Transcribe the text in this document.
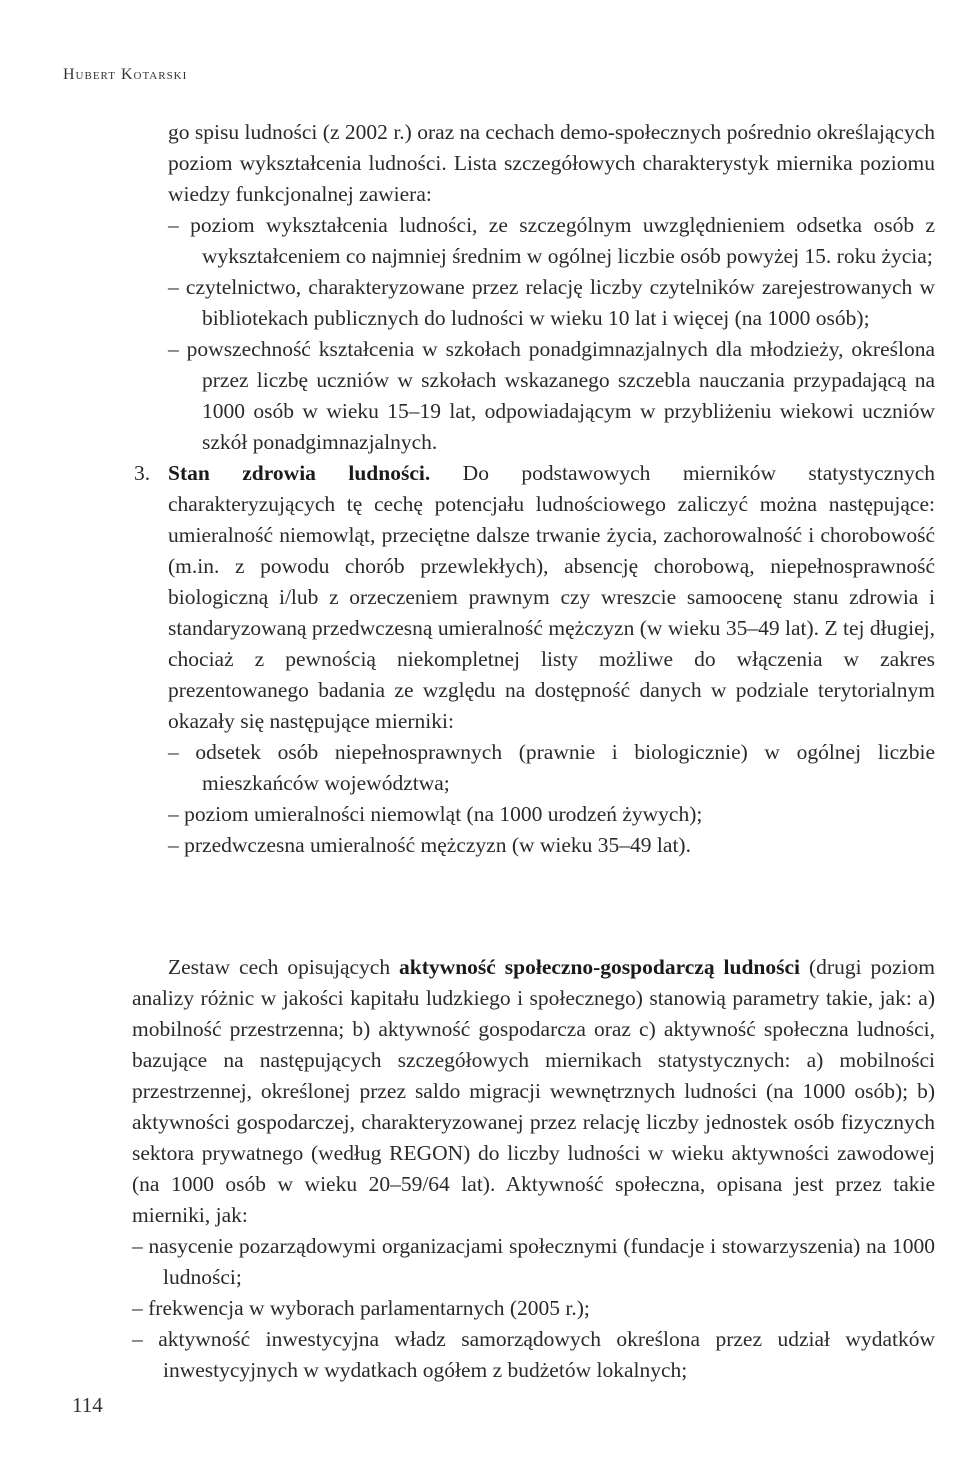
Hubert Kotarski

go spisu ludności (z 2002 r.) oraz na cechach demo-społecznych pośrednio określających poziom wykształcenia ludności. Lista szczegółowych charakterystyk miernika poziomu wiedzy funkcjonalnej zawiera:

– poziom wykształcenia ludności, ze szczególnym uwzględnieniem odsetka osób z wykształceniem co najmniej średnim w ogólnej liczbie osób powyżej 15. roku życia;

– czytelnictwo, charakteryzowane przez relację liczby czytelników zarejestrowanych w bibliotekach publicznych do ludności w wieku 10 lat i więcej (na 1000 osób);

– powszechność kształcenia w szkołach ponadgimnazjalnych dla młodzieży, określona przez liczbę uczniów w szkołach wskazanego szczebla nauczania przypadającą na 1000 osób w wieku 15–19 lat, odpowiadającym w przybliżeniu wiekowi uczniów szkół ponadgimnazjalnych.

3. Stan zdrowia ludności. Do podstawowych mierników statystycznych charakteryzujących tę cechę potencjału ludnościowego zaliczyć można następujące: umieralność niemowląt, przeciętne dalsze trwanie życia, zachorowalność i chorobowość (m.in. z powodu chorób przewlekłych), absencję chorobową, niepełnosprawność biologiczną i/lub z orzeczeniem prawnym czy wreszcie samoocenę stanu zdrowia i standaryzowaną przedwczesną umieralność mężczyzn (w wieku 35–49 lat). Z tej długiej, chociaż z pewnością niekompletnej listy możliwe do włączenia w zakres prezentowanego badania ze względu na dostępność danych w podziale terytorialnym okazały się następujące mierniki:

– odsetek osób niepełnosprawnych (prawnie i biologicznie) w ogólnej liczbie mieszkańców województwa;

– poziom umieralności niemowląt (na 1000 urodzeń żywych);

– przedwczesna umieralność mężczyzn (w wieku 35–49 lat).

Zestaw cech opisujących aktywność społeczno-gospodarczą ludności (drugi poziom analizy różnic w jakości kapitału ludzkiego i społecznego) stanowią parametry takie, jak: a) mobilność przestrzenna; b) aktywność gospodarcza oraz c) aktywność społeczna ludności, bazujące na następujących szczegółowych miernikach statystycznych: a) mobilności przestrzennej, określonej przez saldo migracji wewnętrznych ludności (na 1000 osób); b) aktywności gospodarczej, charakteryzowanej przez relację liczby jednostek osób fizycznych sektora prywatnego (według REGON) do liczby ludności w wieku aktywności zawodowej (na 1000 osób w wieku 20–59/64 lat). Aktywność społeczna, opisana jest przez takie mierniki, jak:

– nasycenie pozarządowymi organizacjami społecznymi (fundacje i stowarzyszenia) na 1000 ludności;

– frekwencja w wyborach parlamentarnych (2005 r.);

– aktywność inwestycyjna władz samorządowych określona przez udział wydatków inwestycyjnych w wydatkach ogółem z budżetów lokalnych;

114
